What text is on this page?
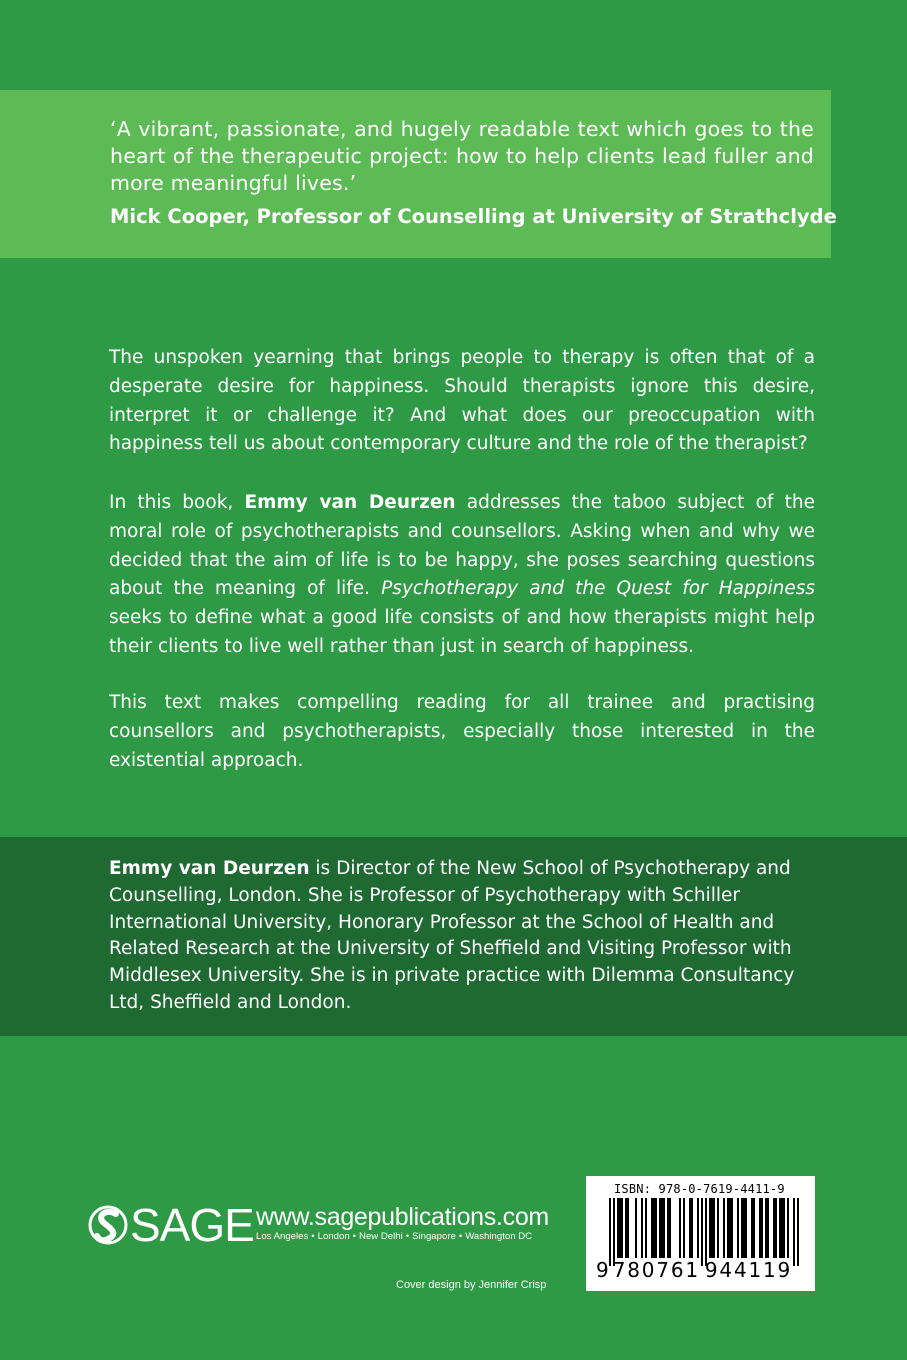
‘A vibrant, passionate, and hugely readable text which goes to the heart of the therapeutic project: how to help clients lead fuller and more meaningful lives.’
Mick Cooper, Professor of Counselling at University of Strathclyde
The unspoken yearning that brings people to therapy is often that of a desperate desire for happiness. Should therapists ignore this desire, interpret it or challenge it? And what does our preoccupation with happiness tell us about contemporary culture and the role of the therapist?
In this book, Emmy van Deurzen addresses the taboo subject of the moral role of psychotherapists and counsellors. Asking when and why we decided that the aim of life is to be happy, she poses searching questions about the meaning of life. Psychotherapy and the Quest for Happiness seeks to define what a good life consists of and how therapists might help their clients to live well rather than just in search of happiness.
This text makes compelling reading for all trainee and practising counsellors and psychotherapists, especially those interested in the existential approach.
Emmy van Deurzen is Director of the New School of Psychotherapy and Counselling, London. She is Professor of Psychotherapy with Schiller International University, Honorary Professor at the School of Health and Related Research at the University of Sheffield and Visiting Professor with Middlesex University. She is in private practice with Dilemma Consultancy Ltd, Sheffield and London.
SAGE www.sagepublications.com
Los Angeles • London • New Delhi • Singapore • Washington DC
Cover design by Jennifer Crisp
ISBN: 978-0-7619-4411-9
9 780761 944119
